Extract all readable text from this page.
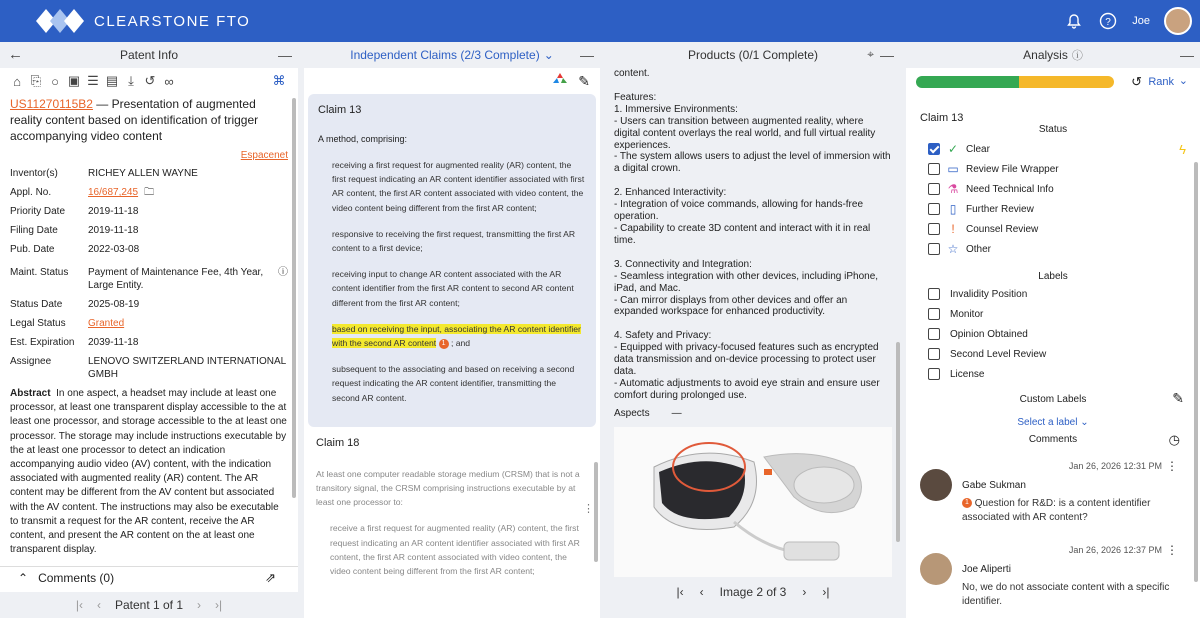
CLEARSTONE FTO	? Joe
←	Patent Info	—
⌂ ⎘ ○ ▣ ☰ ▤ ⤓ ↺ ∞	⌘
US11270115B2 — Presentation of augmented reality content based on identification of trigger accompanying video content
Espacenet
Inventor(s)	RICHEY ALLEN WAYNE
Appl. No.	16/687,245 🗀
Priority Date	2019-11-18
Filing Date	2019-11-18
Pub. Date	2022-03-08
Maint. Status	Payment of Maintenance Fee, 4th Year, Large Entity.
ⓘ
Status Date	2025-08-19
Legal Status	Granted
Est. Expiration	2039-11-18
Assignee	LENOVO SWITZERLAND INTERNATIONAL GMBH
Abstract In one aspect, a headset may include at least one processor, at least one transparent display accessible to the at least one processor, and storage accessible to the at least one processor. The storage may include instructions executable by the at least one processor to detect an indication accompanying audio video (AV) content, with the indication associated with augmented reality (AR) content. The AR content may be different from the AV content but associated with the AV content. The instructions may also be executable to transmit a request for the AR content, receive the AR content, and present the AR content on the at least one transparent display.
⌃ Comments (0)	⇗
|‹ ‹ Patent 1 of 1 › ›|
Independent Claims (2/3 Complete) ⌄ —
✎
Claim 13
A method, comprising:
receiving a first request for augmented reality (AR) content, the first request indicating an AR content identifier associated with first AR content, the first AR content associated with video content, the video content being different from the first AR content;
responsive to receiving the first request, transmitting the first AR content to a first device;
receiving input to change AR content associated with the AR content identifier from the first AR content to second AR content different from the first AR content;
based on receiving the input, associating the AR content identifier with the second AR content 1 ; and
subsequent to the associating and based on receiving a second request indicating the AR content identifier, transmitting the second AR content.
Claim 18
At least one computer readable storage medium (CRSM) that is not a transitory signal, the CRSM comprising instructions executable by at least one processor to:
receive a first request for augmented reality (AR) content, the first request indicating an AR content identifier associated with first AR content, the first AR content associated with video content, the video content being different from the first AR content;
⋮
Products (0/1 Complete)	⌖ —

content.

Features:

1. Immersive Environments:

- Users can transition between augmented reality, where digital content overlays the real world, and full virtual reality experiences.

- The system allows users to adjust the level of immersion with a digital crown.

2. Enhanced Interactivity:

- Integration of voice commands, allowing for hands-free operation.

- Capability to create 3D content and interact with it in real time.

3. Connectivity and Integration:

- Seamless integration with other devices, including iPhone, iPad, and Mac.

- Can mirror displays from other devices and offer an expanded workspace for enhanced productivity.

4. Safety and Privacy:

- Equipped with privacy-focused features such as encrypted data transmission and on-device processing to protect user data.

- Automatic adjustments to avoid eye strain and ensure user comfort during prolonged use.

Aspects —
|‹ ‹ Image 2 of 3 › ›|
Analysis ⓘ	—
↺ Rank ⌄
Claim 13
Status
✓ Clear
▭ Review File Wrapper
⚗ Need Technical Info
▯ Further Review
!	Counsel Review
☆ Other
ϟ
Labels
Invalidity Position
Monitor
Opinion Obtained
Second Level Review
License
Custom Labels	✎
Select a label ⌄
Comments	◷
Jan 26, 2026 12:31 PM ⋮
Gabe Sukman
1 Question for R&D: is a content identifier associated with AR content?
Jan 26, 2026 12:37 PM ⋮
Joe Aliperti
No, we do not associate content with a specific identifier.
